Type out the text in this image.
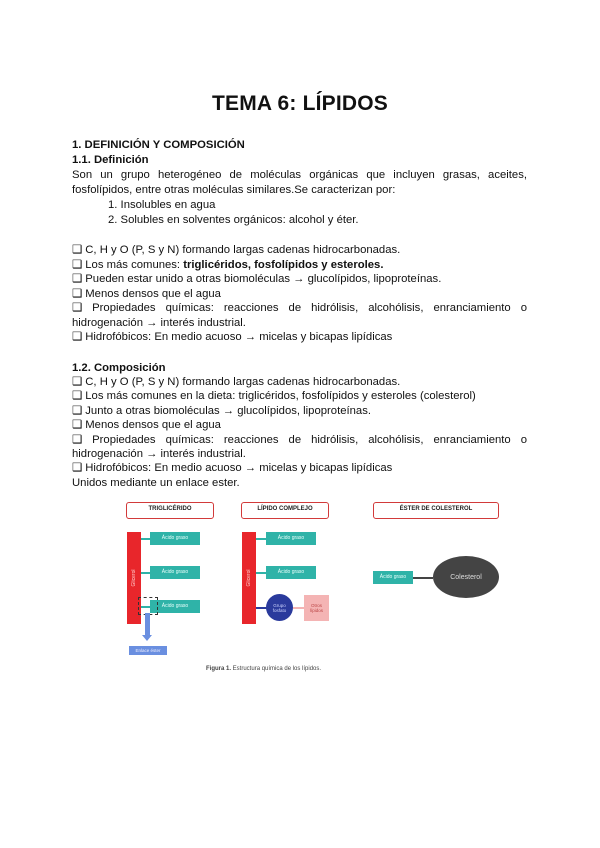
TEMA 6: LÍPIDOS
1. DEFINICIÓN Y COMPOSICIÓN
1.1. Definición
Son un grupo heterogéneo de moléculas orgánicas que incluyen grasas, aceites,
fosfolípidos, entre otras moléculas similares.Se caracterizan por:
1. Insolubles en agua
2. Solubles en solventes orgánicos: alcohol y éter.
❑ C, H y O (P, S y N) formando largas cadenas hidrocarbonadas.
❑ Los más comunes: triglicéridos, fosfolípidos y esteroles.
❑ Pueden estar unido a otras biomoléculas → glucolípidos, lipoproteínas.
❑ Menos densos que el agua
❑ Propiedades químicas: reacciones de hidrólisis, alcohólisis, enranciamiento o
hidrogenación → interés industrial.
❑ Hidrofóbicos: En medio acuoso → micelas y bicapas lipídicas
1.2. Composición
❑ C, H y O (P, S y N) formando largas cadenas hidrocarbonadas.
❑ Los más comunes en la dieta: triglicéridos, fosfolípidos y esteroles (colesterol)
❑ Junto a otras biomoléculas → glucolípidos, lipoproteínas.
❑ Menos densos que el agua
❑ Propiedades químicas: reacciones de hidrólisis, alcohólisis, enranciamiento o
hidrogenación → interés industrial.
❑ Hidrofóbicos: En medio acuoso → micelas y bicapas lipídicas
Unidos mediante un enlace ester.
TRIGLICÉRIDO
Glicerol
Ácido graso
Ácido graso
Ácido graso
Enlace éster
LÍPIDO COMPLEJO
Glicerol
Ácido graso
Ácido graso
Grupo fosfato
Otros lípidos
ÉSTER DE COLESTEROL
Ácido graso	Colesterol
Figura 1. Estructura química de los lípidos.
